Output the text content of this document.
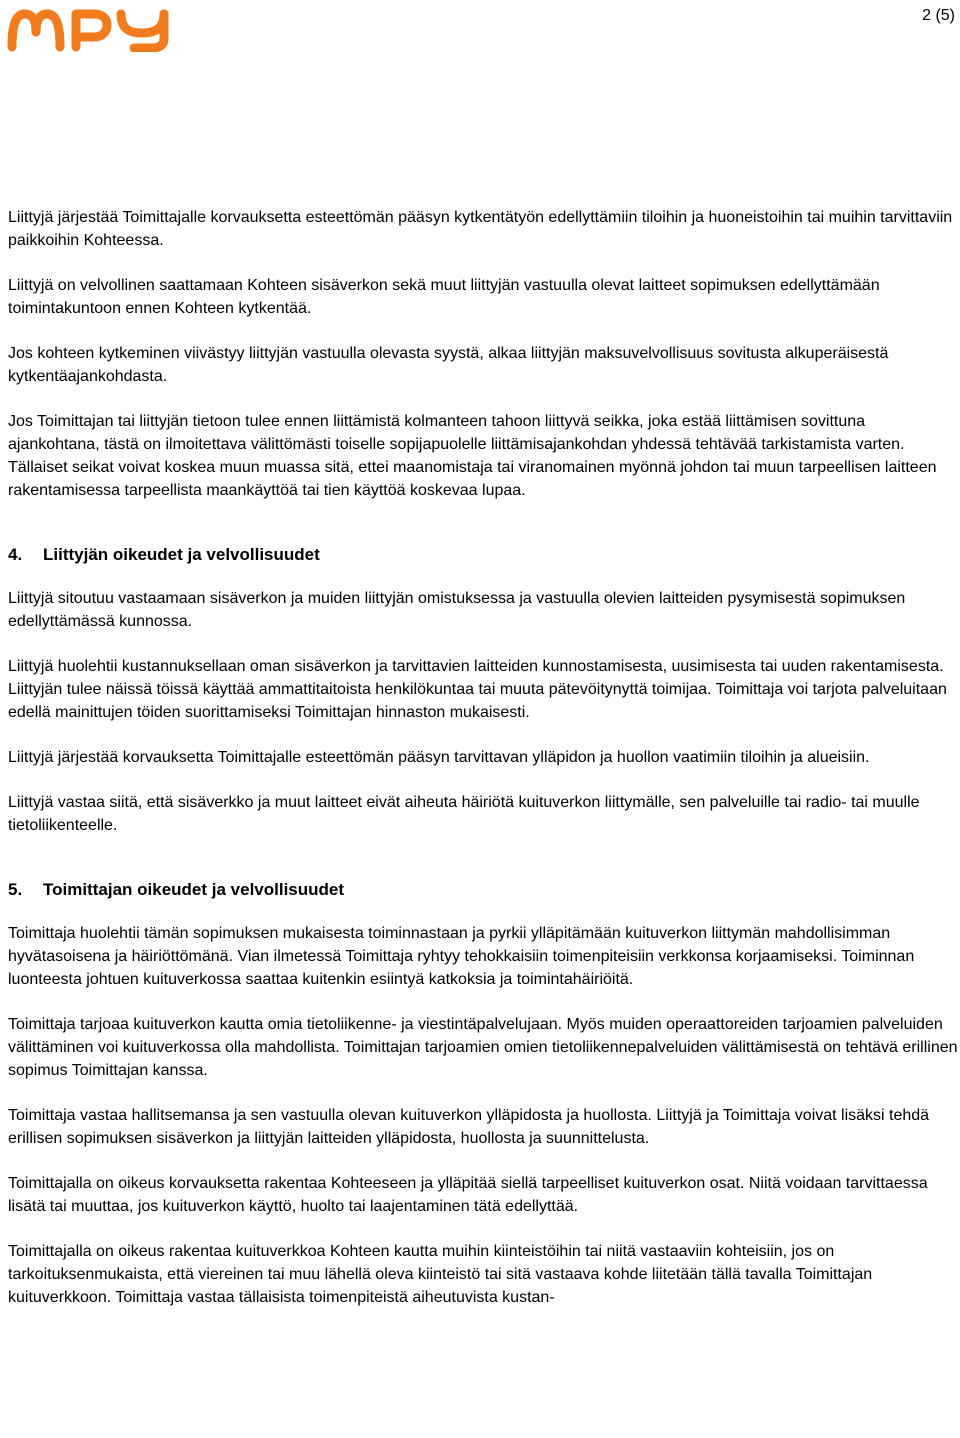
MPY
2 (5)

Liittyjä järjestää Toimittajalle korvauksetta esteettömän pääsyn kytkentätyön edellyttämiin tiloihin ja huoneistoihin tai muihin tarvittaviin paikkoihin Kohteessa.

Liittyjä on velvollinen saattamaan Kohteen sisäverkon sekä muut liittyjän vastuulla olevat laitteet sopimuksen edellyttämään toimintakuntoon ennen Kohteen kytkentää.

Jos kohteen kytkeminen viivästyy liittyjän vastuulla olevasta syystä, alkaa liittyjän maksuvelvollisuus sovitusta alkuperäisestä kytkentäajankohdasta.

Jos Toimittajan tai liittyjän tietoon tulee ennen liittämistä kolmanteen tahoon liittyvä seikka, joka estää liittämisen sovittuna ajankohtana, tästä on ilmoitettava välittömästi toiselle sopijapuolelle liittämisajankohdan yhdessä tehtävää tarkistamista varten. Tällaiset seikat voivat koskea muun muassa sitä, ettei maanomistaja tai viranomainen myönnä johdon tai muun tarpeellisen laitteen rakentamisessa tarpeellista maankäyttöä tai tien käyttöä koskevaa lupaa.

4.	Liittyjän oikeudet ja velvollisuudet

Liittyjä sitoutuu vastaamaan sisäverkon ja muiden liittyjän omistuksessa ja vastuulla olevien laitteiden pysymisestä sopimuksen edellyttämässä kunnossa.

Liittyjä huolehtii kustannuksellaan oman sisäverkon ja tarvittavien laitteiden kunnostamisesta, uusimisesta tai uuden rakentamisesta. Liittyjän tulee näissä töissä käyttää ammattitaitoista henkilökuntaa tai muuta pätevöitynyttä toimijaa. Toimittaja voi tarjota palveluitaan edellä mainittujen töiden suorittamiseksi Toimittajan hinnaston mukaisesti.

Liittyjä järjestää korvauksetta Toimittajalle esteettömän pääsyn tarvittavan ylläpidon ja huollon vaatimiin tiloihin ja alueisiin.

Liittyjä vastaa siitä, että sisäverkko ja muut laitteet eivät aiheuta häiriötä kuituverkon liittymälle, sen palveluille tai radio- tai muulle tietoliikenteelle.

5.	Toimittajan oikeudet ja velvollisuudet

Toimittaja huolehtii tämän sopimuksen mukaisesta toiminnastaan ja pyrkii ylläpitämään kuituverkon liittymän mahdollisimman hyvätasoisena ja häiriöttömänä. Vian ilmetessä Toimittaja ryhtyy tehokkaisiin toimenpiteisiin verkkonsa korjaamiseksi. Toiminnan luonteesta johtuen kuituverkossa saattaa kuitenkin esiintyä katkoksia ja toimintahäiriöitä.

Toimittaja tarjoaa kuituverkon kautta omia tietoliikenne- ja viestintäpalvelujaan. Myös muiden operaattoreiden tarjoamien palveluiden välittäminen voi kuituverkossa olla mahdollista. Toimittajan tarjoamien omien tietoliikennepalveluiden välittämisestä on tehtävä erillinen sopimus Toimittajan kanssa.

Toimittaja vastaa hallitsemansa ja sen vastuulla olevan kuituverkon ylläpidosta ja huollosta. Liittyjä ja Toimittaja voivat lisäksi tehdä erillisen sopimuksen sisäverkon ja liittyjän laitteiden ylläpidosta, huollosta ja suunnittelusta.

Toimittajalla on oikeus korvauksetta rakentaa Kohteeseen ja ylläpitää siellä tarpeelliset kuituverkon osat. Niitä voidaan tarvittaessa lisätä tai muuttaa, jos kuituverkon käyttö, huolto tai laajentaminen tätä edellyttää.

Toimittajalla on oikeus rakentaa kuituverkkoa Kohteen kautta muihin kiinteistöihin tai niitä vastaaviin kohteisiin, jos on tarkoituksenmukaista, että viereinen tai muu lähellä oleva kiinteistö tai sitä vastaava kohde liitetään tällä tavalla Toimittajan kuituverkkoon. Toimittaja vastaa tällaisista toimenpiteistä aiheutuvista kustan-
